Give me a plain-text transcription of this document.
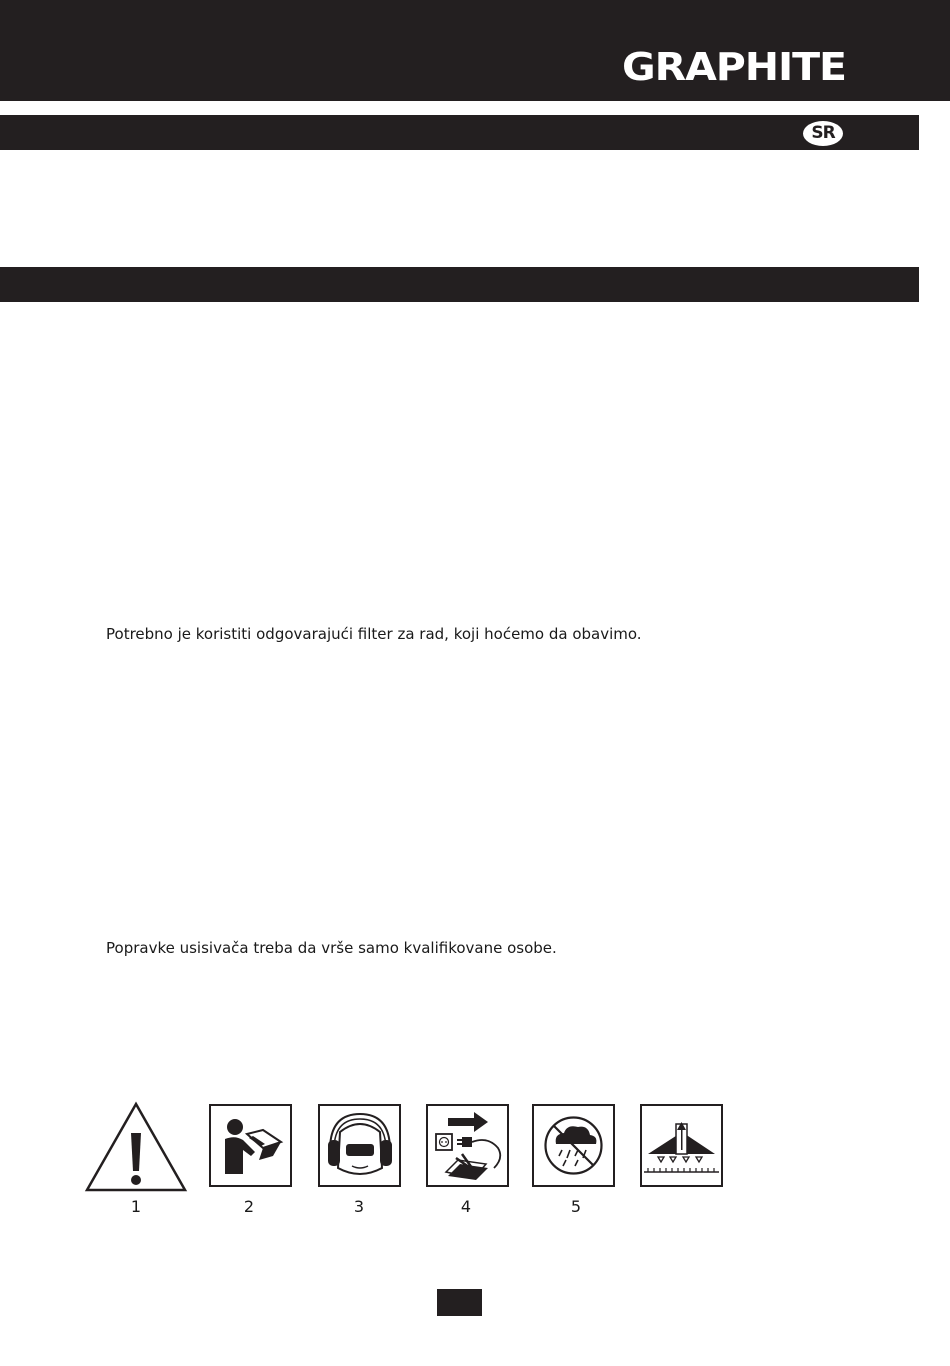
GRAPHITE
SR
Potrebno je koristiti odgovarajući filter za rad, koji hoćemo da obavimo.
Popravke usisivača treba da vrše samo kvalifikovane osobe.
1	2	3	4	5
